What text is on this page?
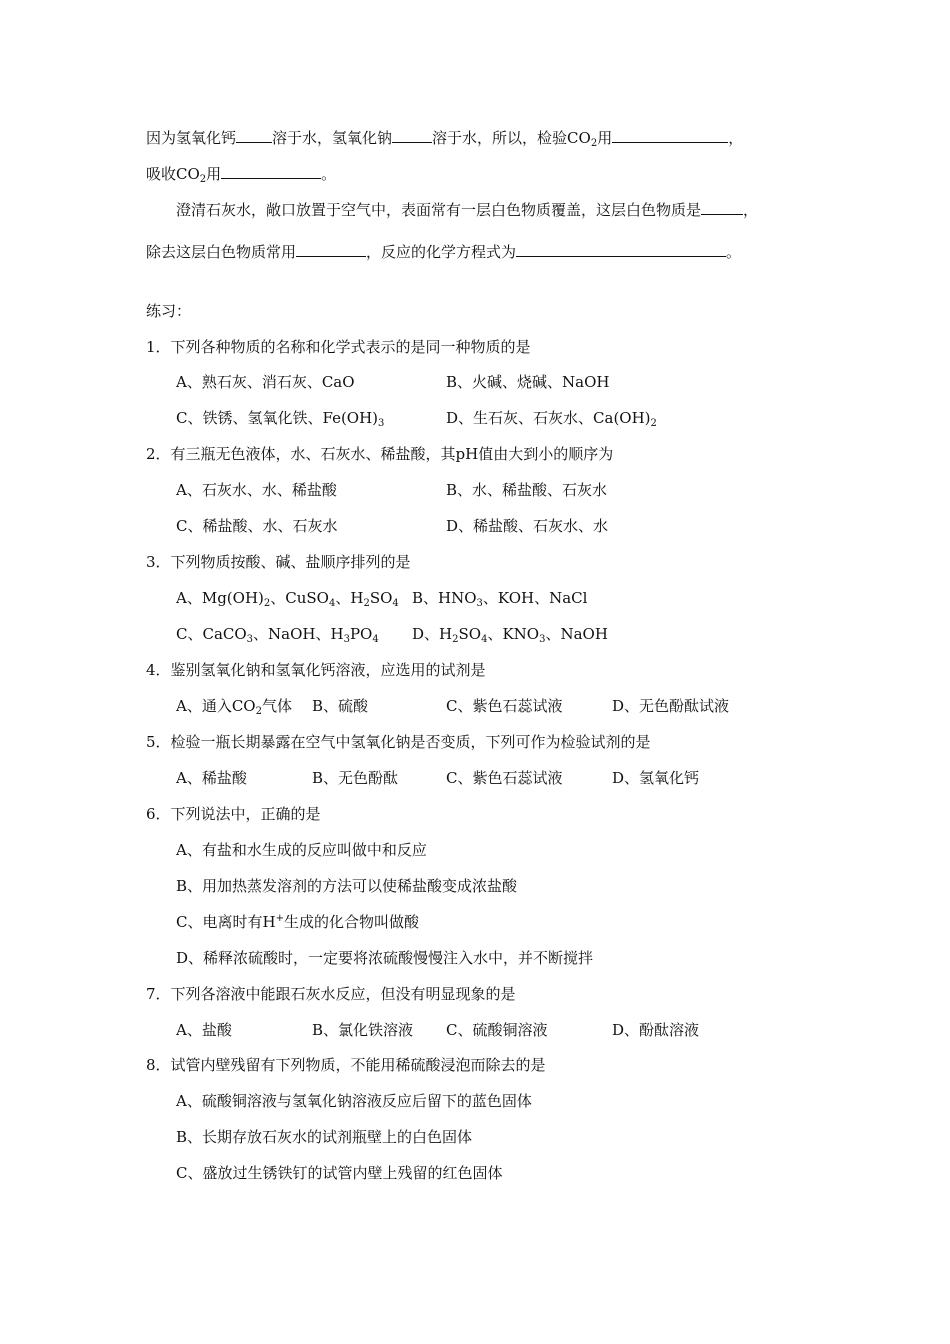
因为氢氧化钙 溶于水，氢氧化钠	溶于水，所以，检验$CO_2$用	，
吸收$CO_2$用	。
澄清石灰水，敞口放置于空气中，表面常有一层白色物质覆盖，这层白色物质是	，
除去这层白色物质常用	，反应的化学方程式为	。
练习：
1．下列各种物质的名称和化学式表示的是同一种物质的是
A、熟石灰、消石灰、CaO	B、火碱、烧碱、NaOH
C、铁锈、氢氧化铁、$Fe(OH)_3$	D、生石灰、石灰水、$Ca(OH)_2$
2．有三瓶无色液体，水、石灰水、稀盐酸，其pH值由大到小的顺序为
A、石灰水、水、稀盐酸	B、水、稀盐酸、石灰水
C、稀盐酸、水、石灰水	D、稀盐酸、石灰水、水
3．下列物质按酸、碱、盐顺序排列的是
A、$Mg(OH)_2$、CuSO$_4$、$H_2SO_4$ B、$HNO_3$、KOH、NaCl
C、CaCO$_3$、NaOH、$H_3PO_4$ D、$H_2SO_4$、$KNO_3$、NaOH
4．鉴别氢氧化钠和氢氧化钙溶液，应选用的试剂是
A、通入$CO_2$气体 B、硫酸	C、紫色石蕊试液	D、无色酚酞试液
5．检验一瓶长期暴露在空气中氢氧化钠是否变质，下列可作为检验试剂的是
A、稀盐酸	B、无色酚酞	C、紫色石蕊试液	D、氢氧化钙
6．下列说法中，正确的是
A、有盐和水生成的反应叫做中和反应
B、用加热蒸发溶剂的方法可以使稀盐酸变成浓盐酸
C、电离时有H+生成的化合物叫做酸
D、稀释浓硫酸时，一定要将浓硫酸慢慢注入水中，并不断搅拌
7．下列各溶液中能跟石灰水反应，但没有明显现象的是
A、盐酸	B、氯化铁溶液 C、硫酸铜溶液	D、酚酞溶液
8．试管内壁残留有下列物质，不能用稀硫酸浸泡而除去的是
A、硫酸铜溶液与氢氧化钠溶液反应后留下的蓝色固体
B、长期存放石灰水的试剂瓶壁上的白色固体
C、盛放过生锈铁钉的试管内壁上残留的红色固体
